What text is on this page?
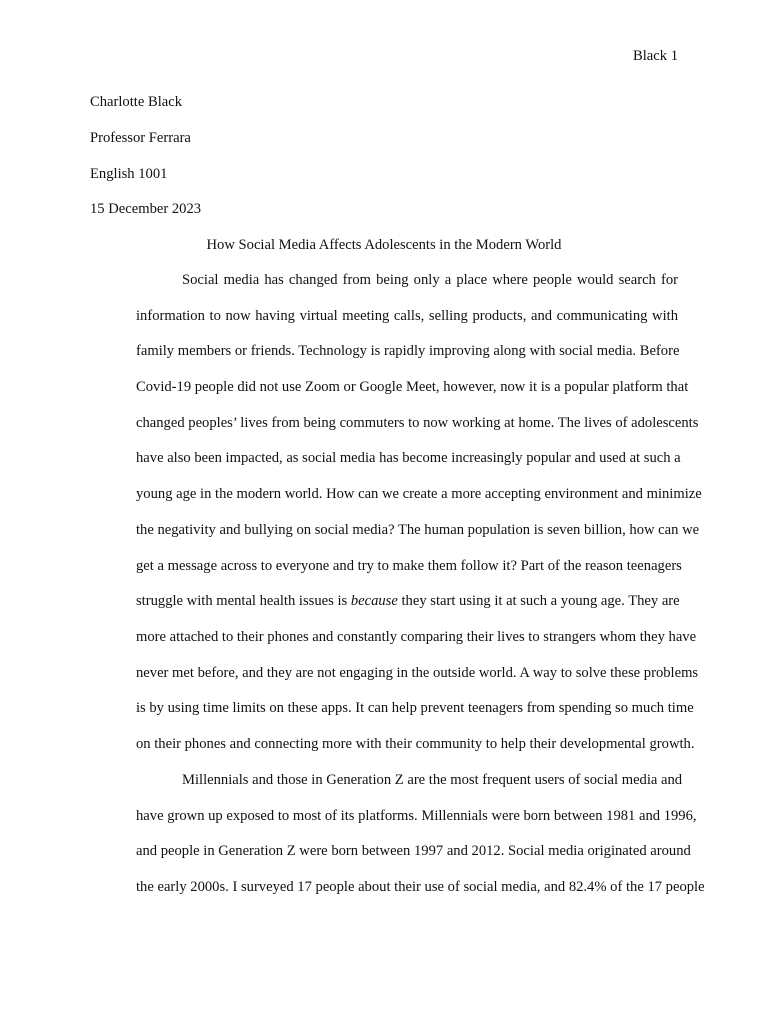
Black 1
Charlotte Black
Professor Ferrara
English 1001
15 December 2023
How Social Media Affects Adolescents in the Modern World
Social media has changed from being only a place where people would search for
information to now having virtual meeting calls, selling products, and communicating with
family members or friends. Technology is rapidly improving along with social media. Before
Covid-19 people did not use Zoom or Google Meet, however, now it is a popular platform that
changed peoples’ lives from being commuters to now working at home. The lives of adolescents
have also been impacted, as social media has become increasingly popular and used at such a
young age in the modern world. How can we create a more accepting environment and minimize
the negativity and bullying on social media? The human population is seven billion, how can we
get a message across to everyone and try to make them follow it? Part of the reason teenagers
struggle with mental health issues is because they start using it at such a young age. They are
more attached to their phones and constantly comparing their lives to strangers whom they have
never met before, and they are not engaging in the outside world. A way to solve these problems
is by using time limits on these apps. It can help prevent teenagers from spending so much time
on their phones and connecting more with their community to help their developmental growth.
Millennials and those in Generation Z are the most frequent users of social media and
have grown up exposed to most of its platforms. Millennials were born between 1981 and 1996,
and people in Generation Z were born between 1997 and 2012. Social media originated around
the early 2000s. I surveyed 17 people about their use of social media, and 82.4% of the 17 people
